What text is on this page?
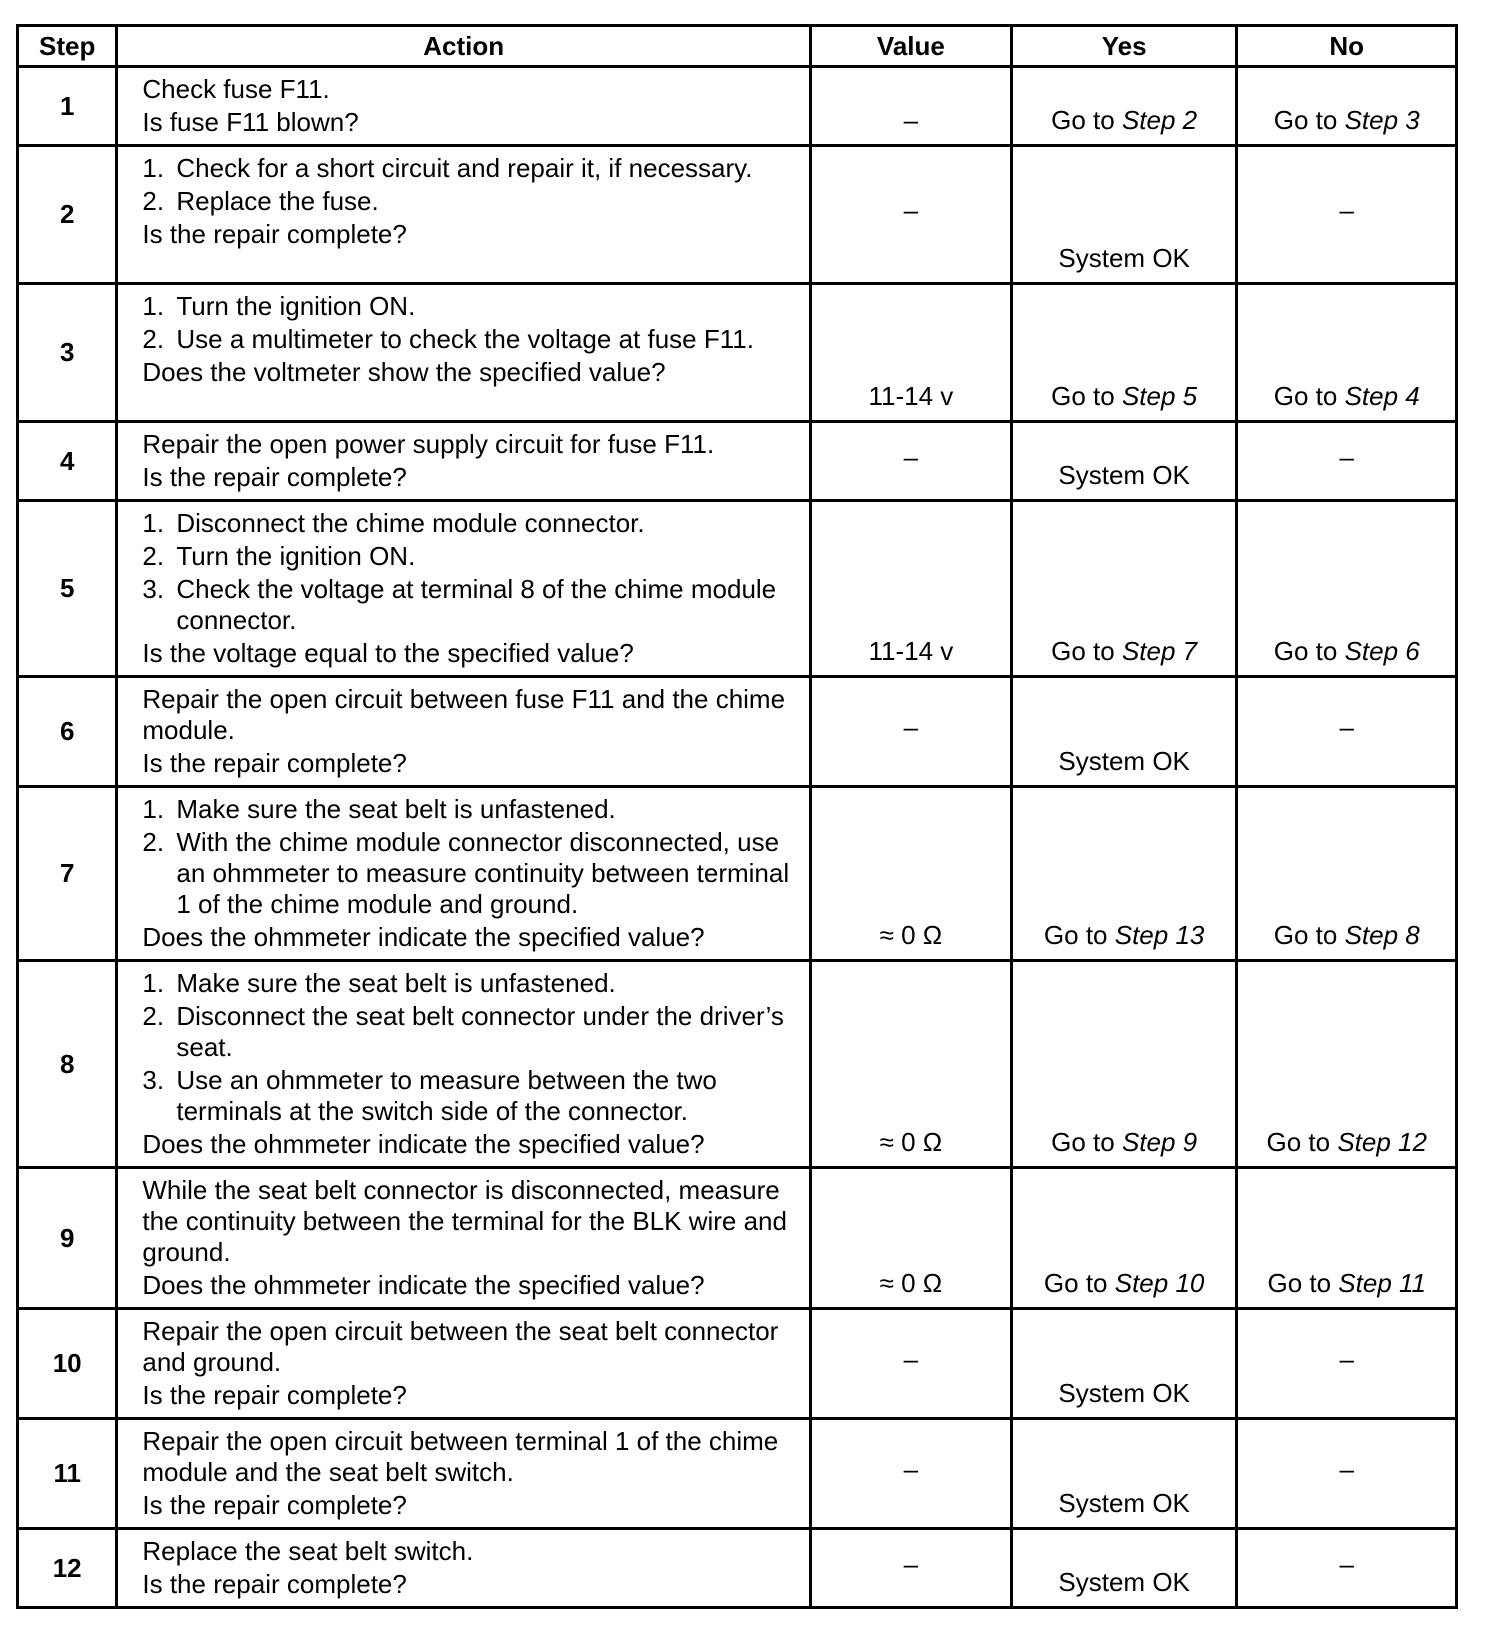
Step	Action	Value	Yes	No
1	Check fuse F11.
Is fuse F11 blown?	–	Go to Step 2	Go to Step 3
2	1. Check for a short circuit and repair it, if necessary.
2. Replace the fuse.
Is the repair complete?	–	System OK	–
3	1. Turn the ignition ON.
2. Use a multimeter to check the voltage at fuse F11.
Does the voltmeter show the specified value?	11-14 v	Go to Step 5	Go to Step 4
4	Repair the open power supply circuit for fuse F11.
Is the repair complete?	–	System OK	–
5	1. Disconnect the chime module connector.
2. Turn the ignition ON.
3. Check the voltage at terminal 8 of the chime module connector.
Is the voltage equal to the specified value?	11-14 v	Go to Step 7	Go to Step 6
6	Repair the open circuit between fuse F11 and the chime module.
Is the repair complete?	–	System OK	–
7	1. Make sure the seat belt is unfastened.
2. With the chime module connector disconnected, use an ohmmeter to measure continuity between terminal 1 of the chime module and ground.
Does the ohmmeter indicate the specified value?	≈ 0 Ω	Go to Step 13	Go to Step 8
8	1. Make sure the seat belt is unfastened.
2. Disconnect the seat belt connector under the driver’s seat.
3. Use an ohmmeter to measure between the two terminals at the switch side of the connector.
Does the ohmmeter indicate the specified value?	≈ 0 Ω	Go to Step 9	Go to Step 12
9	While the seat belt connector is disconnected, measure the continuity between the terminal for the BLK wire and ground.
Does the ohmmeter indicate the specified value?	≈ 0 Ω	Go to Step 10	Go to Step 11
10	Repair the open circuit between the seat belt connector and ground.
Is the repair complete?	–	System OK	–
11	Repair the open circuit between terminal 1 of the chime module and the seat belt switch.
Is the repair complete?	–	System OK	–
12	Replace the seat belt switch.
Is the repair complete?	–	System OK	–
